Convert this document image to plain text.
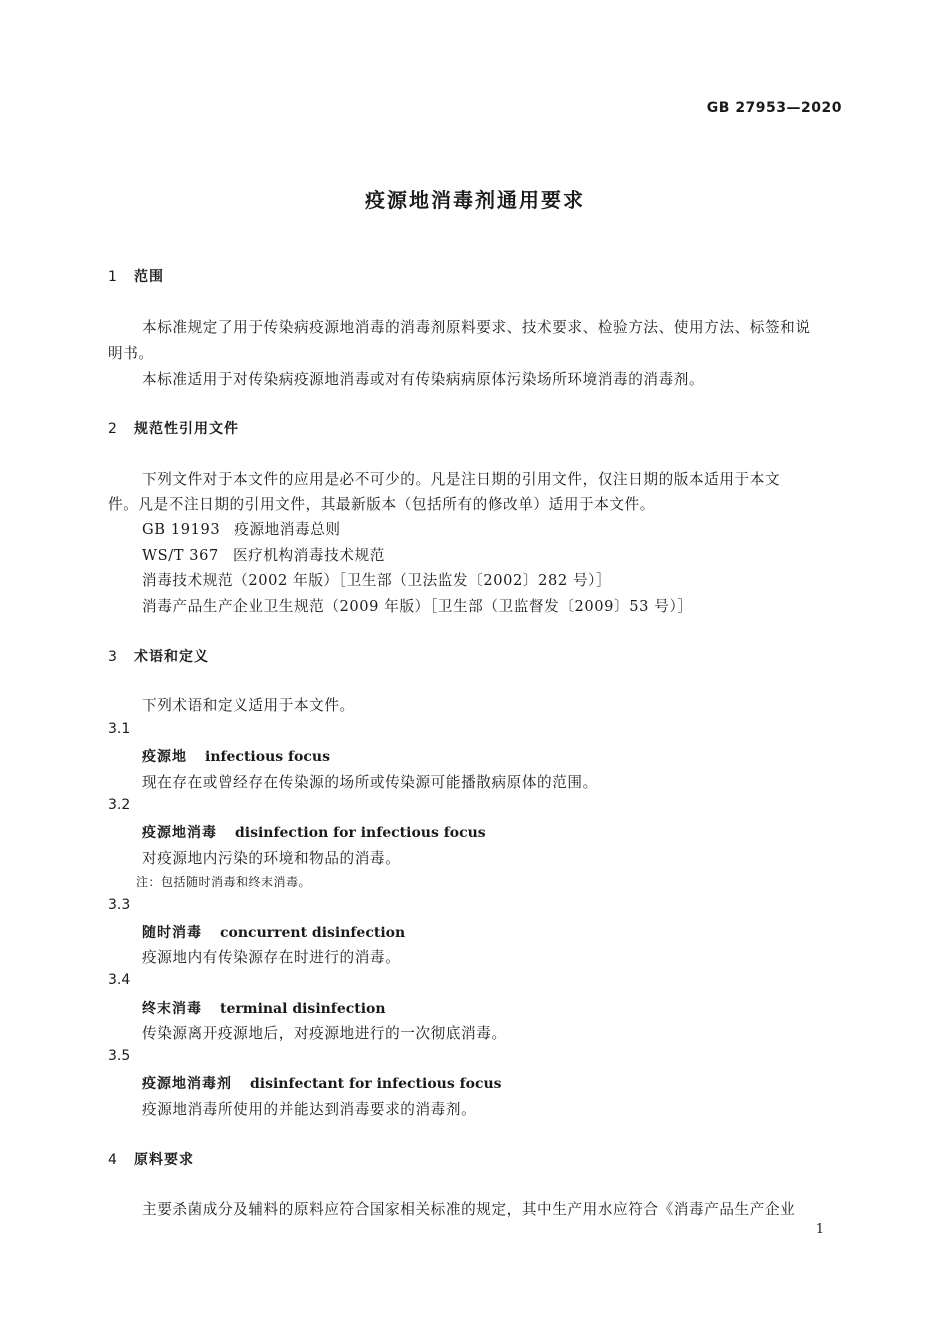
GB 27953—2020
疫源地消毒剂通用要求
1 范围
本标准规定了用于传染病疫源地消毒的消毒剂原料要求、技术要求、检验方法、使用方法、标签和说
明书。
本标准适用于对传染病疫源地消毒或对有传染病病原体污染场所环境消毒的消毒剂。
2 规范性引用文件
下列文件对于本文件的应用是必不可少的。凡是注日期的引用文件，仅注日期的版本适用于本文
件。凡是不注日期的引用文件，其最新版本（包括所有的修改单）适用于本文件。
GB 19193 疫源地消毒总则
WS/T 367 医疗机构消毒技术规范
消毒技术规范（2002 年版）［卫生部（卫法监发〔2002〕282 号）］
消毒产品生产企业卫生规范（2009 年版）［卫生部（卫监督发〔2009〕53 号）］
3 术语和定义
下列术语和定义适用于本文件。
3.1
疫源地 infectious focus
现在存在或曾经存在传染源的场所或传染源可能播散病原体的范围。
3.2
疫源地消毒 disinfection for infectious focus
对疫源地内污染的环境和物品的消毒。
注：包括随时消毒和终末消毒。
3.3
随时消毒 concurrent disinfection
疫源地内有传染源存在时进行的消毒。
3.4
终末消毒 terminal disinfection
传染源离开疫源地后，对疫源地进行的一次彻底消毒。
3.5
疫源地消毒剂 disinfectant for infectious focus
疫源地消毒所使用的并能达到消毒要求的消毒剂。
4 原料要求
主要杀菌成分及辅料的原料应符合国家相关标准的规定，其中生产用水应符合《消毒产品生产企业
1
